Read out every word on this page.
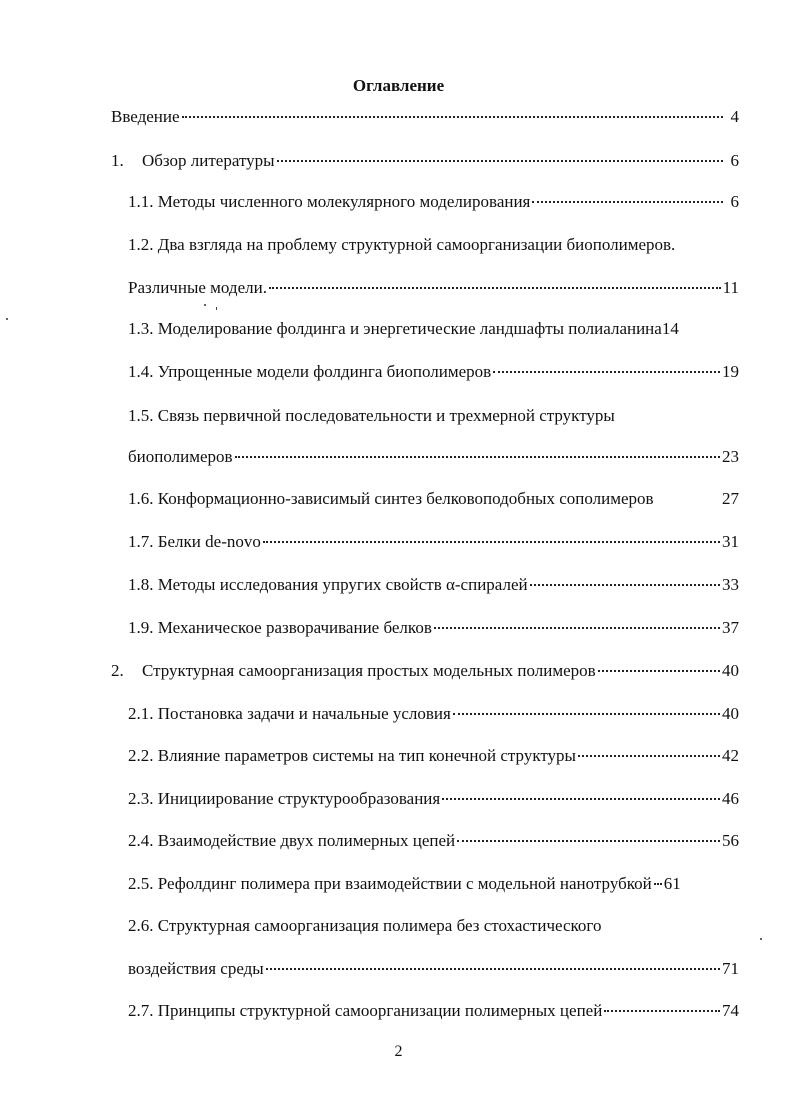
Оглавление
Введение	4
1.	Обзор литературы	6
1.1. Методы численного молекулярного моделирования	6
1.2. Два взгляда на проблему структурной самоорганизации биополимеров.
Различные модели.	11
1.3. Моделирование фолдинга и энергетические ландшафты полиаланина 14
1.4. Упрощенные модели фолдинга биополимеров	19
1.5. Связь первичной последовательности и трехмерной структуры
биополимеров	23
1.6. Конформационно-зависимый синтез белковоподобных сополимеров	27
1.7. Белки de-novo	31
1.8. Методы исследования упругих свойств α-спиралей	33
1.9. Механическое разворачивание белков	37
2.	Структурная самоорганизация простых модельных полимеров	40
2.1. Постановка задачи и начальные условия	40
2.2. Влияние параметров системы на тип конечной структуры	42
2.3. Инициирование структурообразования	46
2.4. Взаимодействие двух полимерных цепей	56
2.5. Рефолдинг полимера при взаимодействии с модельной нанотрубкой 61
2.6. Структурная самоорганизация полимера без стохастического
воздействия среды	71
2.7. Принципы структурной самоорганизации полимерных цепей	74
2
